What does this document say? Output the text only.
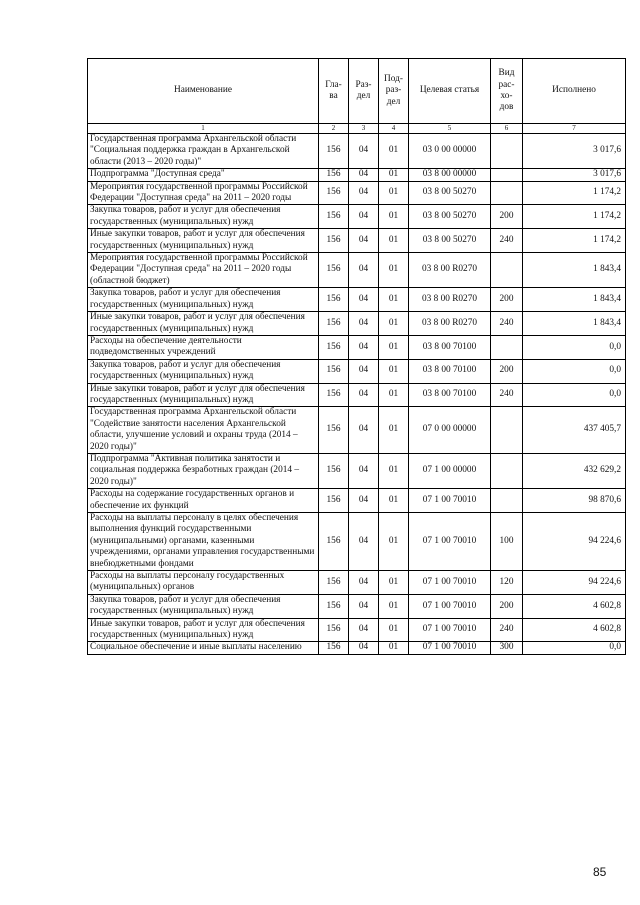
Наименование	Гла- ва	Раз- дел	Под- раз- дел	Целевая статья	Вид рас- хо- дов	Исполнено
1	2	3	4	5	6	7
Государственная программа Архангельской области "Социальная поддержка граждан в Архангельской области (2013 – 2020 годы)"	156	04	01	03 0 00 00000		3 017,6
Подпрограмма "Доступная среда"	156	04	01	03 8 00 00000		3 017,6
Мероприятия государственной программы Российской Федерации "Доступная среда" на 2011 – 2020 годы	156	04	01	03 8 00 50270		1 174,2
Закупка товаров, работ и услуг для обеспечения государственных (муниципальных) нужд	156	04	01	03 8 00 50270	200	1 174,2
Иные закупки товаров, работ и услуг для обеспечения государственных (муниципальных) нужд	156	04	01	03 8 00 50270	240	1 174,2
Мероприятия государственной программы Российской Федерации "Доступная среда" на 2011 – 2020 годы (областной бюджет)	156	04	01	03 8 00 R0270		1 843,4
Закупка товаров, работ и услуг для обеспечения государственных (муниципальных) нужд	156	04	01	03 8 00 R0270	200	1 843,4
Иные закупки товаров, работ и услуг для обеспечения государственных (муниципальных) нужд	156	04	01	03 8 00 R0270	240	1 843,4
Расходы на обеспечение деятельности подведомственных учреждений	156	04	01	03 8 00 70100		0,0
Закупка товаров, работ и услуг для обеспечения государственных (муниципальных) нужд	156	04	01	03 8 00 70100	200	0,0
Иные закупки товаров, работ и услуг для обеспечения государственных (муниципальных) нужд	156	04	01	03 8 00 70100	240	0,0
Государственная программа Архангельской области "Содействие занятости населения Архангельской области, улучшение условий и охраны труда (2014 – 2020 годы)"	156	04	01	07 0 00 00000		437 405,7
Подпрограмма "Активная политика занятости и социальная поддержка безработных граждан (2014 – 2020 годы)"	156	04	01	07 1 00 00000		432 629,2
Расходы на содержание государственных органов и обеспечение их функций	156	04	01	07 1 00 70010		98 870,6
Расходы на выплаты персоналу в целях обеспечения выполнения функций государственными (муниципальными) органами, казенными учреждениями, органами управления государственными внебюджетными фондами	156	04	01	07 1 00 70010	100	94 224,6
Расходы на выплаты персоналу государственных (муниципальных) органов	156	04	01	07 1 00 70010	120	94 224,6
Закупка товаров, работ и услуг для обеспечения государственных (муниципальных) нужд	156	04	01	07 1 00 70010	200	4 602,8
Иные закупки товаров, работ и услуг для обеспечения государственных (муниципальных) нужд	156	04	01	07 1 00 70010	240	4 602,8
Социальное обеспечение и иные выплаты населению	156	04	01	07 1 00 70010	300	0,0
85
